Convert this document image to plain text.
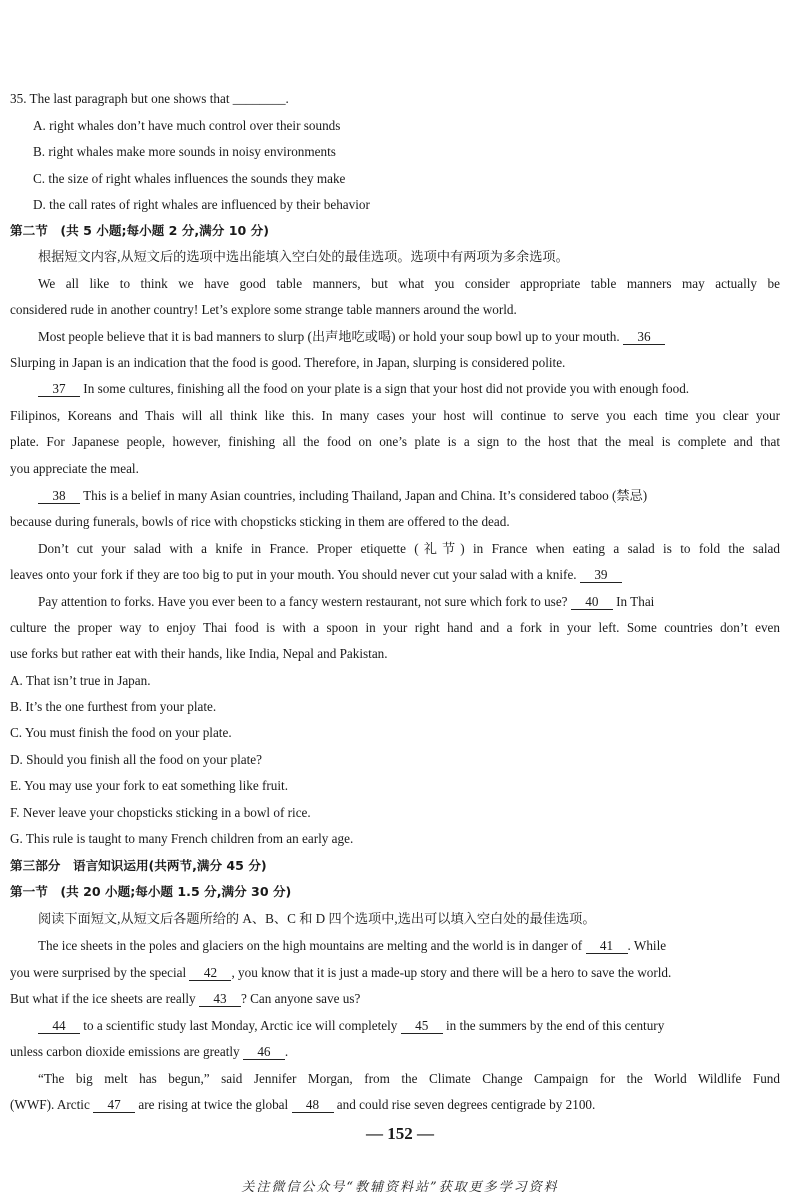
35. The last paragraph but one shows that ________.
A. right whales don’t have much control over their sounds
B. right whales make more sounds in noisy environments
C. the size of right whales influences the sounds they make
D. the call rates of right whales are influenced by their behavior
第二节　(共 5 小题;每小题 2 分,满分 10 分)
根据短文内容,从短文后的选项中选出能填入空白处的最佳选项。选项中有两项为多余选项。
We all like to think we have good table manners, but what you consider appropriate table manners may actually be
considered rude in another country! Let’s explore some strange table manners around the world.
Most people believe that it is bad manners to slurp (出声地吃或喝) or hold your soup bowl up to your mouth. 36
Slurping in Japan is an indication that the food is good. Therefore, in Japan, slurping is considered polite.
37 In some cultures, finishing all the food on your plate is a sign that your host did not provide you with enough food.
Filipinos, Koreans and Thais will all think like this. In many cases your host will continue to serve you each time you clear your
plate. For Japanese people, however, finishing all the food on one’s plate is a sign to the host that the meal is complete and that
you appreciate the meal.
38 This is a belief in many Asian countries, including Thailand, Japan and China. It’s considered taboo (禁忌)
because during funerals, bowls of rice with chopsticks sticking in them are offered to the dead.
Don’t cut your salad with a knife in France. Proper etiquette (礼节) in France when eating a salad is to fold the salad
leaves onto your fork if they are too big to put in your mouth. You should never cut your salad with a knife. 39
Pay attention to forks. Have you ever been to a fancy western restaurant, not sure which fork to use? 40 In Thai
culture the proper way to enjoy Thai food is with a spoon in your right hand and a fork in your left. Some countries don’t even
use forks but rather eat with their hands, like India, Nepal and Pakistan.
A. That isn’t true in Japan.
B. It’s the one furthest from your plate.
C. You must finish the food on your plate.
D. Should you finish all the food on your plate?
E. You may use your fork to eat something like fruit.
F. Never leave your chopsticks sticking in a bowl of rice.
G. This rule is taught to many French children from an early age.
第三部分　语言知识运用(共两节,满分 45 分)
第一节　(共 20 小题;每小题 1.5 分,满分 30 分)
阅读下面短文,从短文后各题所给的 A、B、C 和 D 四个选项中,选出可以填入空白处的最佳选项。
The ice sheets in the poles and glaciers on the high mountains are melting and the world is in danger of 41 . While
you were surprised by the special 42 , you know that it is just a made-up story and there will be a hero to save the world.
But what if the ice sheets are really 43 ? Can anyone save us?
44 to a scientific study last Monday, Arctic ice will completely 45 in the summers by the end of this century
unless carbon dioxide emissions are greatly 46 .
“The big melt has begun,” said Jennifer Morgan, from the Climate Change Campaign for the World Wildlife Fund
(WWF). Arctic 47 are rising at twice the global 48 and could rise seven degrees centigrade by 2100.
— 152 —
关注微信公众号“教辅资料站”获取更多学习资料
